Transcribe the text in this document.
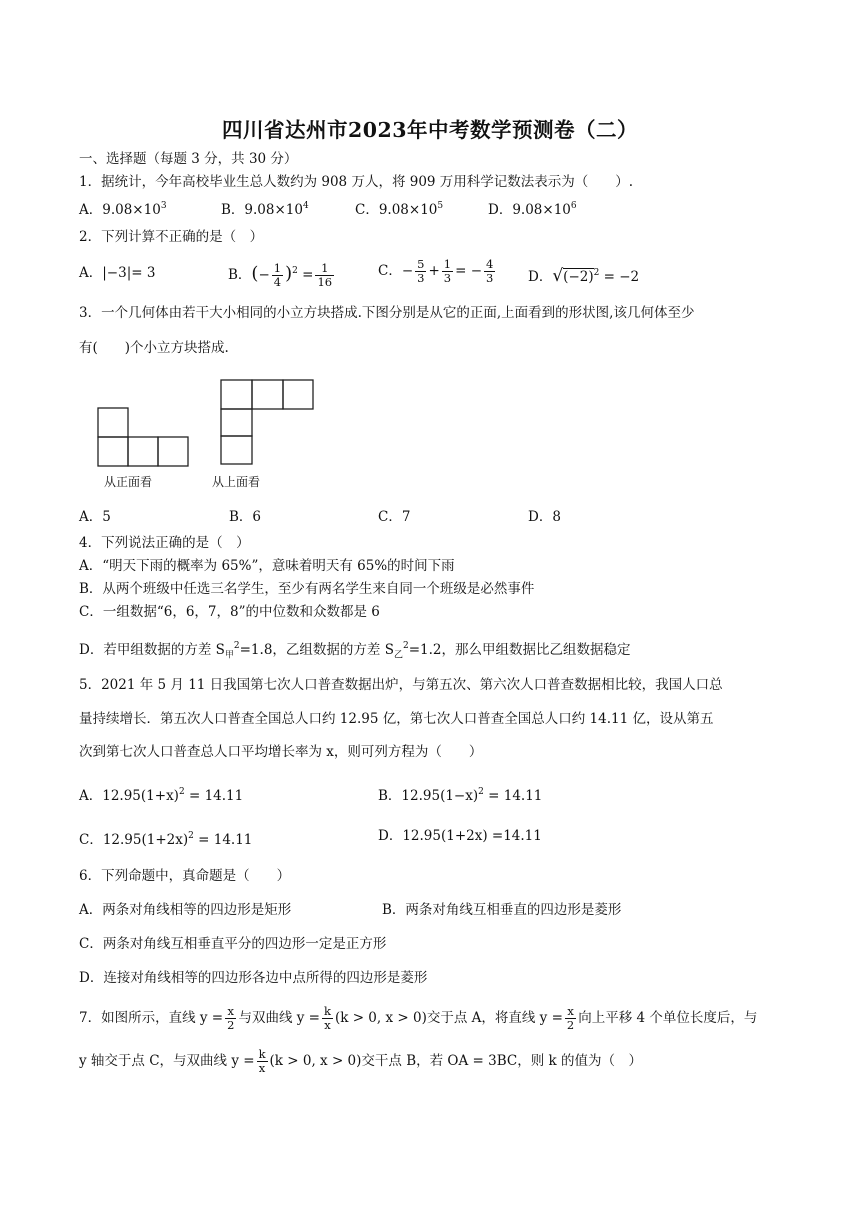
四川省达州市2023年中考数学预测卷（二）
一、选择题（每题 3 分，共 30 分）
1．据统计，今年高校毕业生总人数约为 908 万人，将 909 万用科学记数法表示为（　　）.
A．$9.08\times 10^3$	B．$9.08\times 10^4$	C．$9.08\times 10^5$	D．$9.08\times 10^6$
2．下列计算不正确的是（　）
A．|−3|= 3	B．(− $\frac{1}{4} )^2 = \frac{1}{16}$	C．− $\frac{5}{3} + \frac{1}{3}$ = − $\frac{4}{3}$ D．$√(-2)^2 = -2$
3．一个几何体由若干大小相同的小立方块搭成.下图分别是从它的正面,上面看到的形状图,该几何体至少
有(　　)个小立方块搭成.
从正面看	从上面看
A．5	B．6	C．7	D．8
4．下列说法正确的是（　）
A．“明天下雨的概率为 65%”，意味着明天有 65%的时间下雨
B．从两个班级中任选三名学生，至少有两名学生来自同一个班级是必然事件
C．一组数据“6，6，7，8”的中位数和众数都是 6
D．若甲组数据的方差 $S_甲^2=1.8$，乙组数据的方差 $S_乙^2=1.2$，那么甲组数据比乙组数据稳定
5．2021 年 5 月 11 日我国第七次人口普查数据出炉，与第五次、第六次人口普查数据相比较，我国人口总
量持续增长．第五次人口普查全国总人口约 12.95 亿，第七次人口普查全国总人口约 14.11 亿，设从第五
次到第七次人口普查总人口平均增长率为 x，则可列方程为（　　）
A．$12.95(1+x)^2 = 14.11$	B．$12.95(1-x)^2 = 14.11$
C．$12.95(1+2x)^2 = 14.11$	D．12.95(1+2x) =14.11
6．下列命题中，真命题是（　　）
A．两条对角线相等的四边形是矩形	B．两条对角线互相垂直的四边形是菱形
C．两条对角线互相垂直平分的四边形一定是正方形
D．连接对角线相等的四边形各边中点所得的四边形是菱形
7．如图所示，直线 $y = \frac{x}{2}$ 与双曲线 $y = \frac{k}{x} (k > 0$, x > 0)交于点 A，将直线 $y = \frac{x}{2}$ 向上平移 4 个单位长度后，与
y 轴交于点 C，与双曲线 $y = \frac{k}{x} (k > 0$, x > 0)交干点 B，若 OA = 3BC，则 k 的值为（　）
